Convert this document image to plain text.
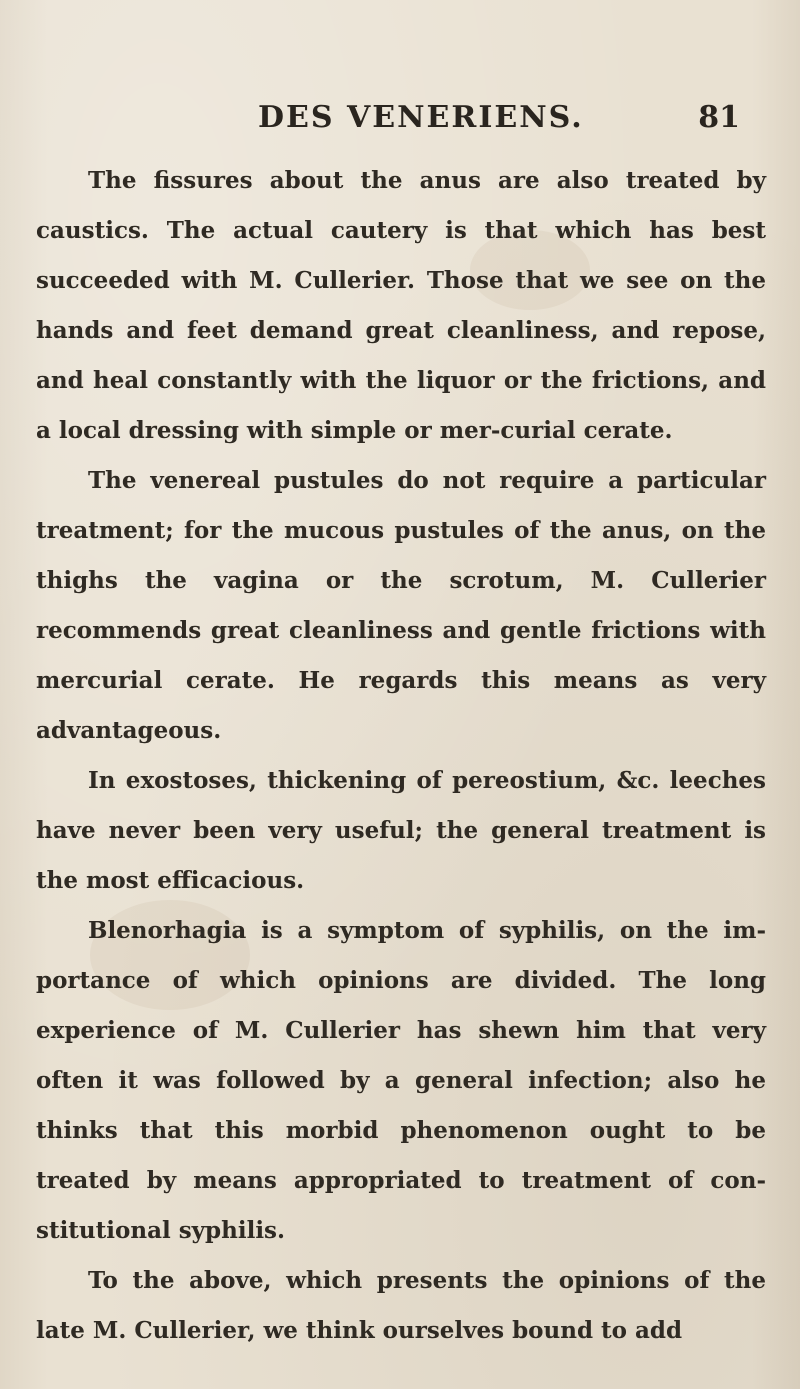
DES VENERIENS.	81

The fissures about the anus are also treated by caustics. The actual cautery is that which has best succeeded with M. Cullerier. Those that we see on the hands and feet demand great cleanliness, and repose, and heal constantly with the liquor or the frictions, and a local dressing with simple or mer-curial cerate.

The venereal pustules do not require a particular treatment; for the mucous pustules of the anus, on the thighs the vagina or the scrotum, M. Cullerier recommends great cleanliness and gentle frictions with mercurial cerate. He regards this means as very advantageous.

In exostoses, thickening of pereostium, &c. leeches have never been very useful; the general treatment is the most efficacious.

Blenorhagia is a symptom of syphilis, on the im-portance of which opinions are divided. The long experience of M. Cullerier has shewn him that very often it was followed by a general infection; also he thinks that this morbid phenomenon ought to be treated by means appropriated to treatment of con-stitutional syphilis.

To the above, which presents the opinions of the late M. Cullerier, we think ourselves bound to add
